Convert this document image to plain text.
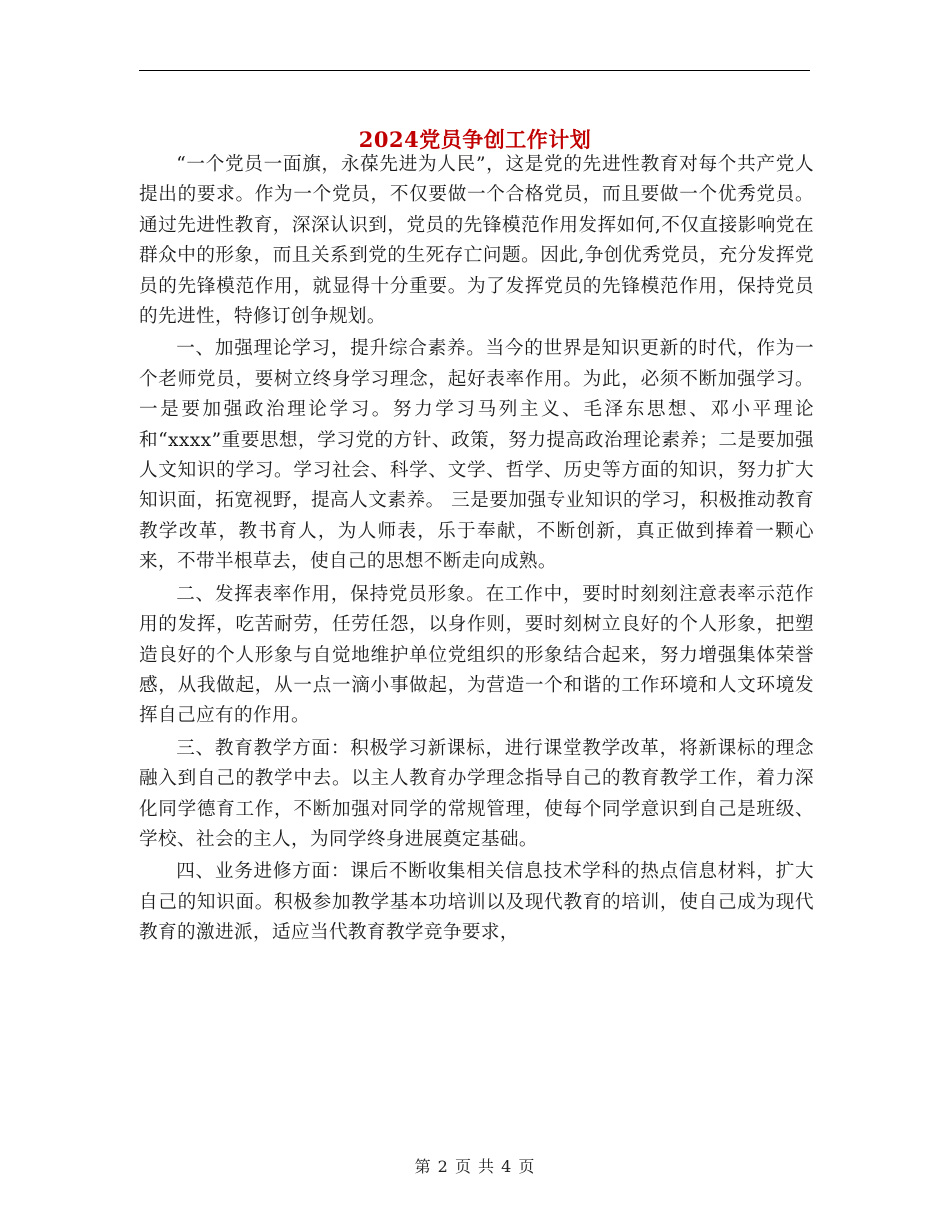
2024党员争创工作计划

“一个党员一面旗，永葆先进为人民”，这是党的先进性教育对每个共产党人提出的要求。作为一个党员，不仅要做一个合格党员，而且要做一个优秀党员。通过先进性教育，深深认识到，党员的先锋模范作用发挥如何,不仅直接影响党在群众中的形象，而且关系到党的生死存亡问题。因此,争创优秀党员，充分发挥党员的先锋模范作用，就显得十分重要。为了发挥党员的先锋模范作用，保持党员的先进性，特修订创争规划。

一、加强理论学习，提升综合素养。当今的世界是知识更新的时代，作为一个老师党员，要树立终身学习理念，起好表率作用。为此，必须不断加强学习。一是要加强政治理论学习。努力学习马列主义、毛泽东思想、邓小平理论和“xxxx”重要思想，学习党的方针、政策，努力提高政治理论素养；二是要加强人文知识的学习。学习社会、科学、文学、哲学、历史等方面的知识，努力扩大知识面，拓宽视野，提高人文素养。 三是要加强专业知识的学习，积极推动教育教学改革，教书育人，为人师表，乐于奉献，不断创新，真正做到捧着一颗心来，不带半根草去，使自己的思想不断走向成熟。

二、发挥表率作用，保持党员形象。在工作中，要时时刻刻注意表率示范作用的发挥，吃苦耐劳，任劳任怨，以身作则，要时刻树立良好的个人形象，把塑造良好的个人形象与自觉地维护单位党组织的形象结合起来，努力增强集体荣誉感，从我做起，从一点一滴小事做起，为营造一个和谐的工作环境和人文环境发挥自己应有的作用。

三、教育教学方面：积极学习新课标，进行课堂教学改革，将新课标的理念融入到自己的教学中去。以主人教育办学理念指导自己的教育教学工作，着力深化同学德育工作，不断加强对同学的常规管理，使每个同学意识到自己是班级、学校、社会的主人，为同学终身进展奠定基础。

四、业务进修方面：课后不断收集相关信息技术学科的热点信息材料，扩大自己的知识面。积极参加教学基本功培训以及现代教育的培训，使自己成为现代教育的激进派，适应当代教育教学竞争要求，

第 2 页 共 4 页
